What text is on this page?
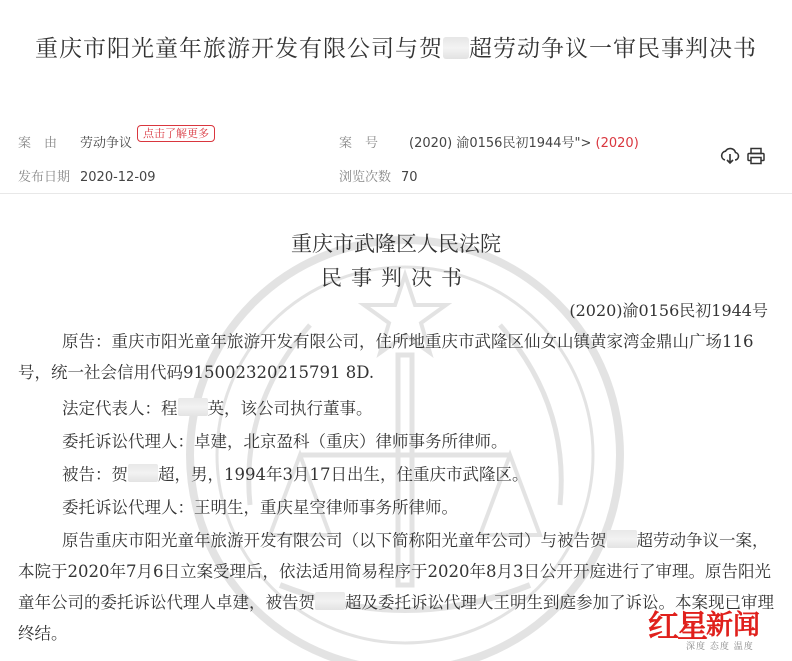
重庆市阳光童年旅游开发有限公司与贺 超劳动争议一审民事判决书
案　由 劳动争议
点击了解更多
案　号 (2020) 渝0156民初1944号"> (2020)
发布日期 2020-12-09	浏览次数 70
重庆市武隆区人民法院
民事判决书
(2020)渝0156民初1944号
原告：重庆市阳光童年旅游开发有限公司，住所地重庆市武隆区仙女山镇黄家湾金鼎山广场116号，统一社会信用代码915002320215791 8D.
法定代表人：程 英，该公司执行董事。
委托诉讼代理人：卓建，北京盈科（重庆）律师事务所律师。
被告：贺 超，男，1994年3月17日出生，住重庆市武隆区。
委托诉讼代理人：王明生，重庆星空律师事务所律师。
原告重庆市阳光童年旅游开发有限公司（以下简称阳光童年公司）与被告贺 超劳动争议一案，本院于2020年7月6日立案受理后，依法适用简易程序于2020年8月3日公开开庭进行了审理。原告阳光童年公司的委托诉讼代理人卓建，被告贺 超及委托诉讼代理人王明生到庭参加了诉讼。本案现已审理终结。	红星 新闻
深度 态度 温度
